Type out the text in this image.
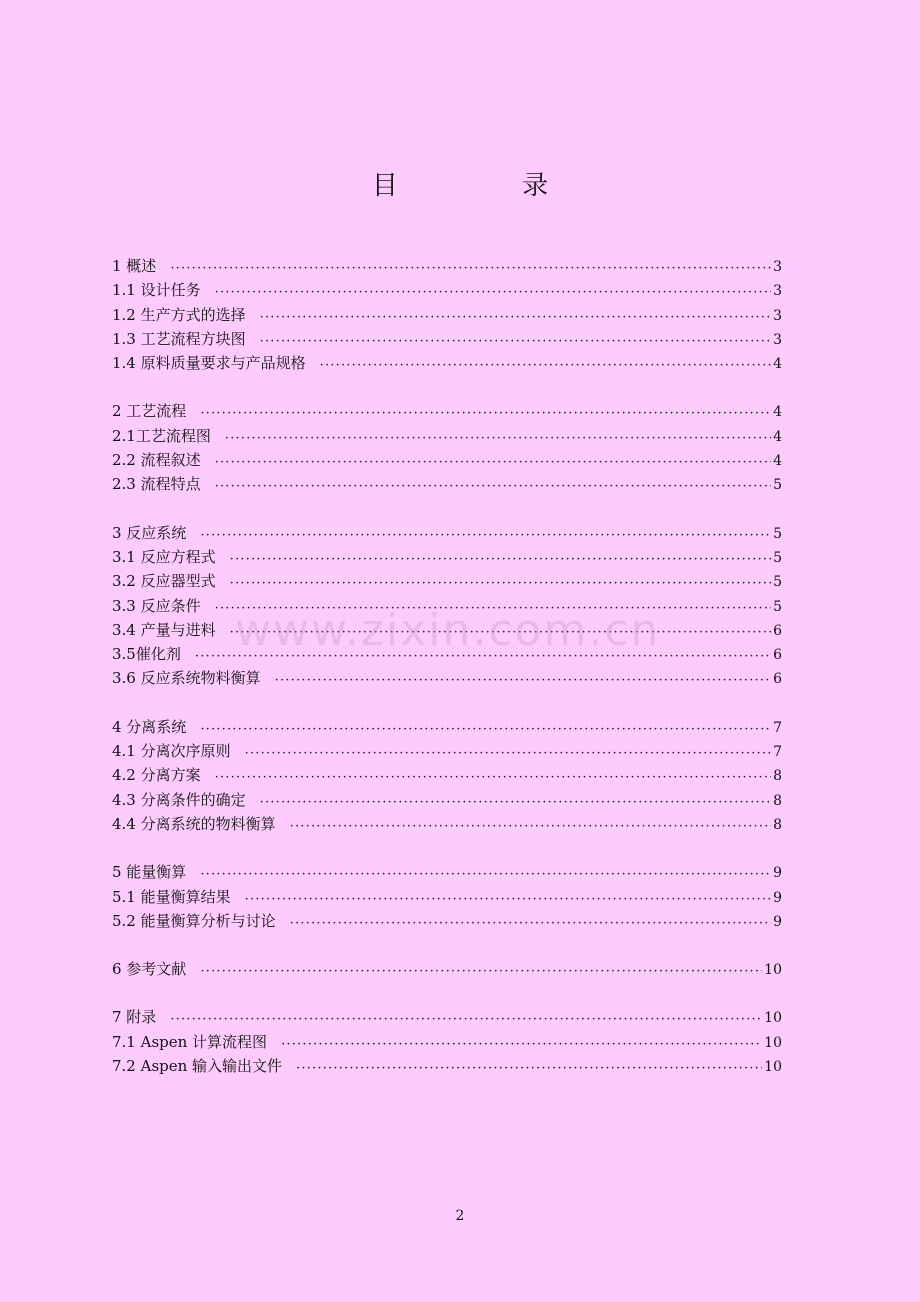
目 录
1 概述 ·····	3
1.1 设计任务 ·····	3
1.2 生产方式的选择 ·····	3
1.3 工艺流程方块图 ·····	3
1.4 原料质量要求与产品规格 ·····	4
2 工艺流程 ·····	4
2.1工艺流程图 ·····	4
2.2 流程叙述 ·····	4
2.3 流程特点 ·····	5
3 反应系统 ·····	5
3.1 反应方程式 ·····	5
3.2 反应器型式 ·····	5
3.3 反应条件 ·····	5
3.4 产量与进料 ·····	6
3.5催化剂 ·····	6
3.6 反应系统物料衡算 ·····	6
4 分离系统 ·····	7
4.1 分离次序原则 ·····	7
4.2 分离方案 ·····	8
4.3 分离条件的确定 ·····	8
4.4 分离系统的物料衡算 ·····	8
5 能量衡算 ·····	9
5.1 能量衡算结果 ·····	9
5.2 能量衡算分析与讨论 ·····	9
6 参考文献 ·····	10
7 附录 ·····	10
7.1 Aspen 计算流程图 ·····	10
7.2 Aspen 输入输出文件 ·····	10
www.zixin.com.cn
2
